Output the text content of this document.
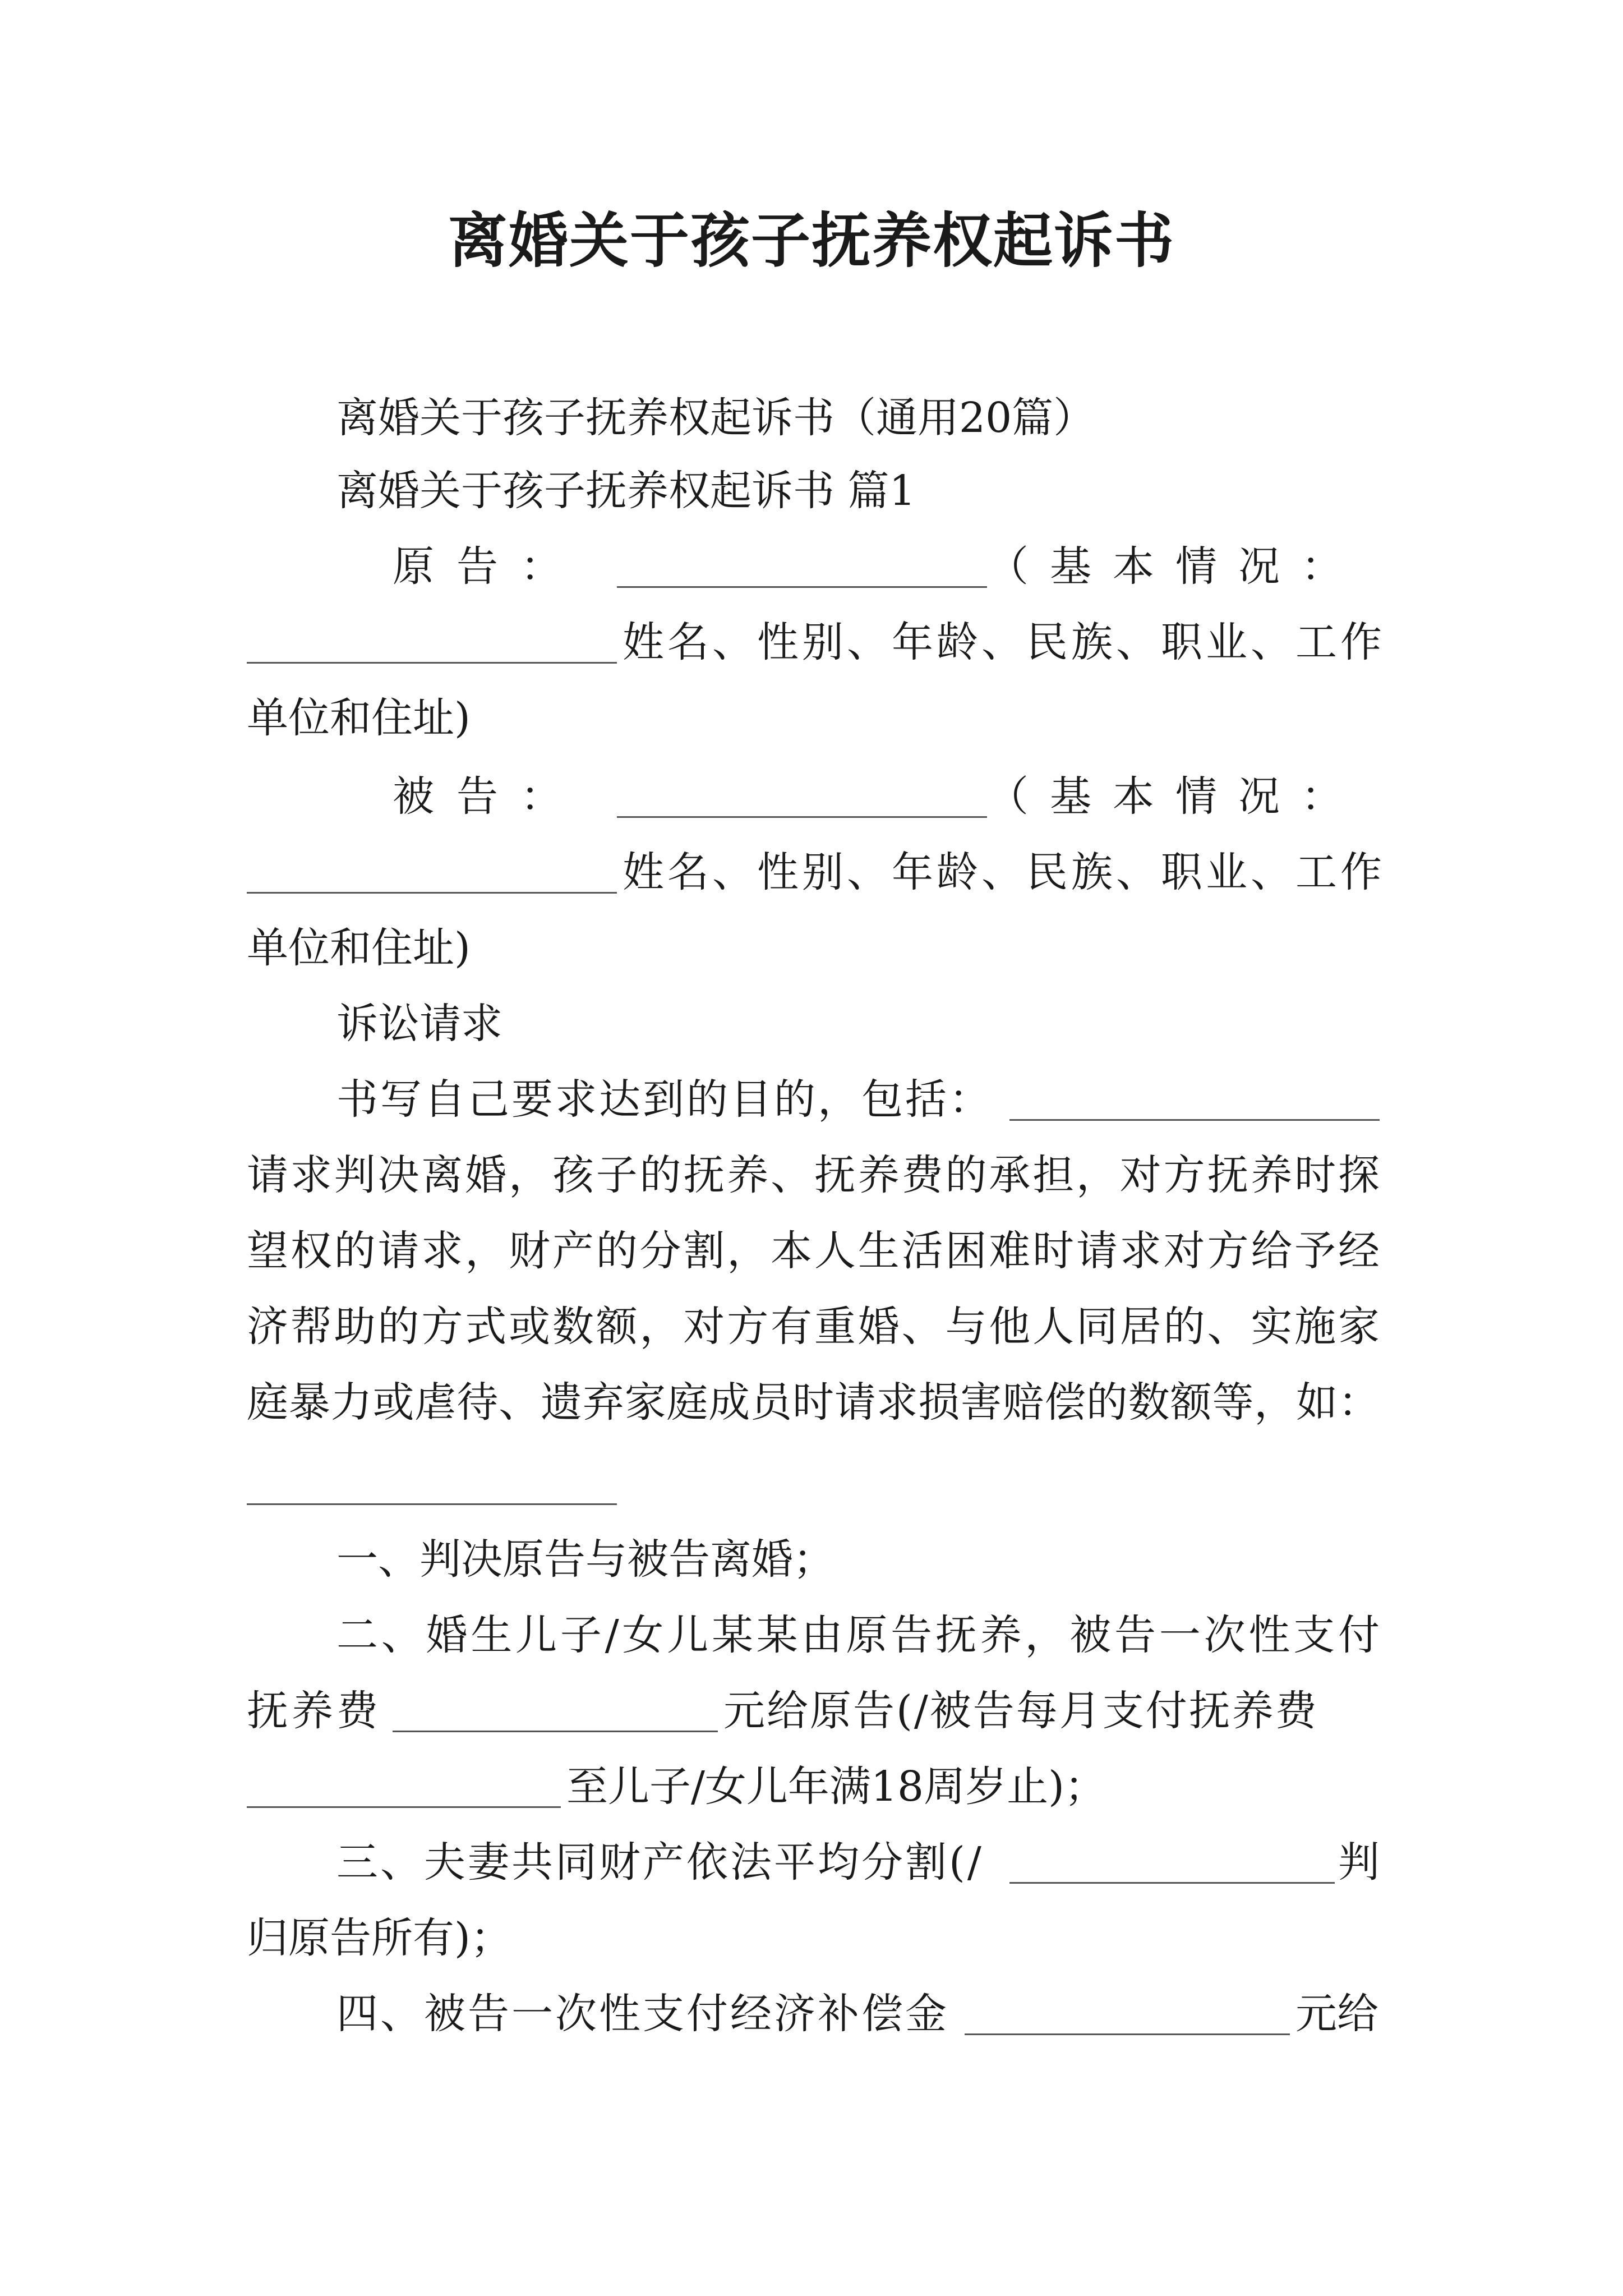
离婚关于孩子抚养权起诉书
离婚关于孩子抚养权起诉书（通用20篇）
离婚关于孩子抚养权起诉书 篇1
原告：	（基本情况：
姓名、性别、年龄、民族、职业、工作
单位和住址)
被告：	（基本情况：
姓名、性别、年龄、民族、职业、工作
单位和住址)
诉讼请求
书写自己要求达到的目的，包括：
请求判决离婚，孩子的抚养、抚养费的承担，对方抚养时探
望权的请求，财产的分割，本人生活困难时请求对方给予经
济帮助的方式或数额，对方有重婚、与他人同居的、实施家
庭暴力或虐待、遗弃家庭成员时请求损害赔偿的数额等，如：
一、判决原告与被告离婚；
二、婚生儿子/女儿某某由原告抚养，被告一次性支付
抚养费	元给原告(/被告每月支付抚养费
至儿子/女儿年满18周岁止)；
三、夫妻共同财产依法平均分割(/	判
归原告所有)；
四、被告一次性支付经济补偿金	元给
